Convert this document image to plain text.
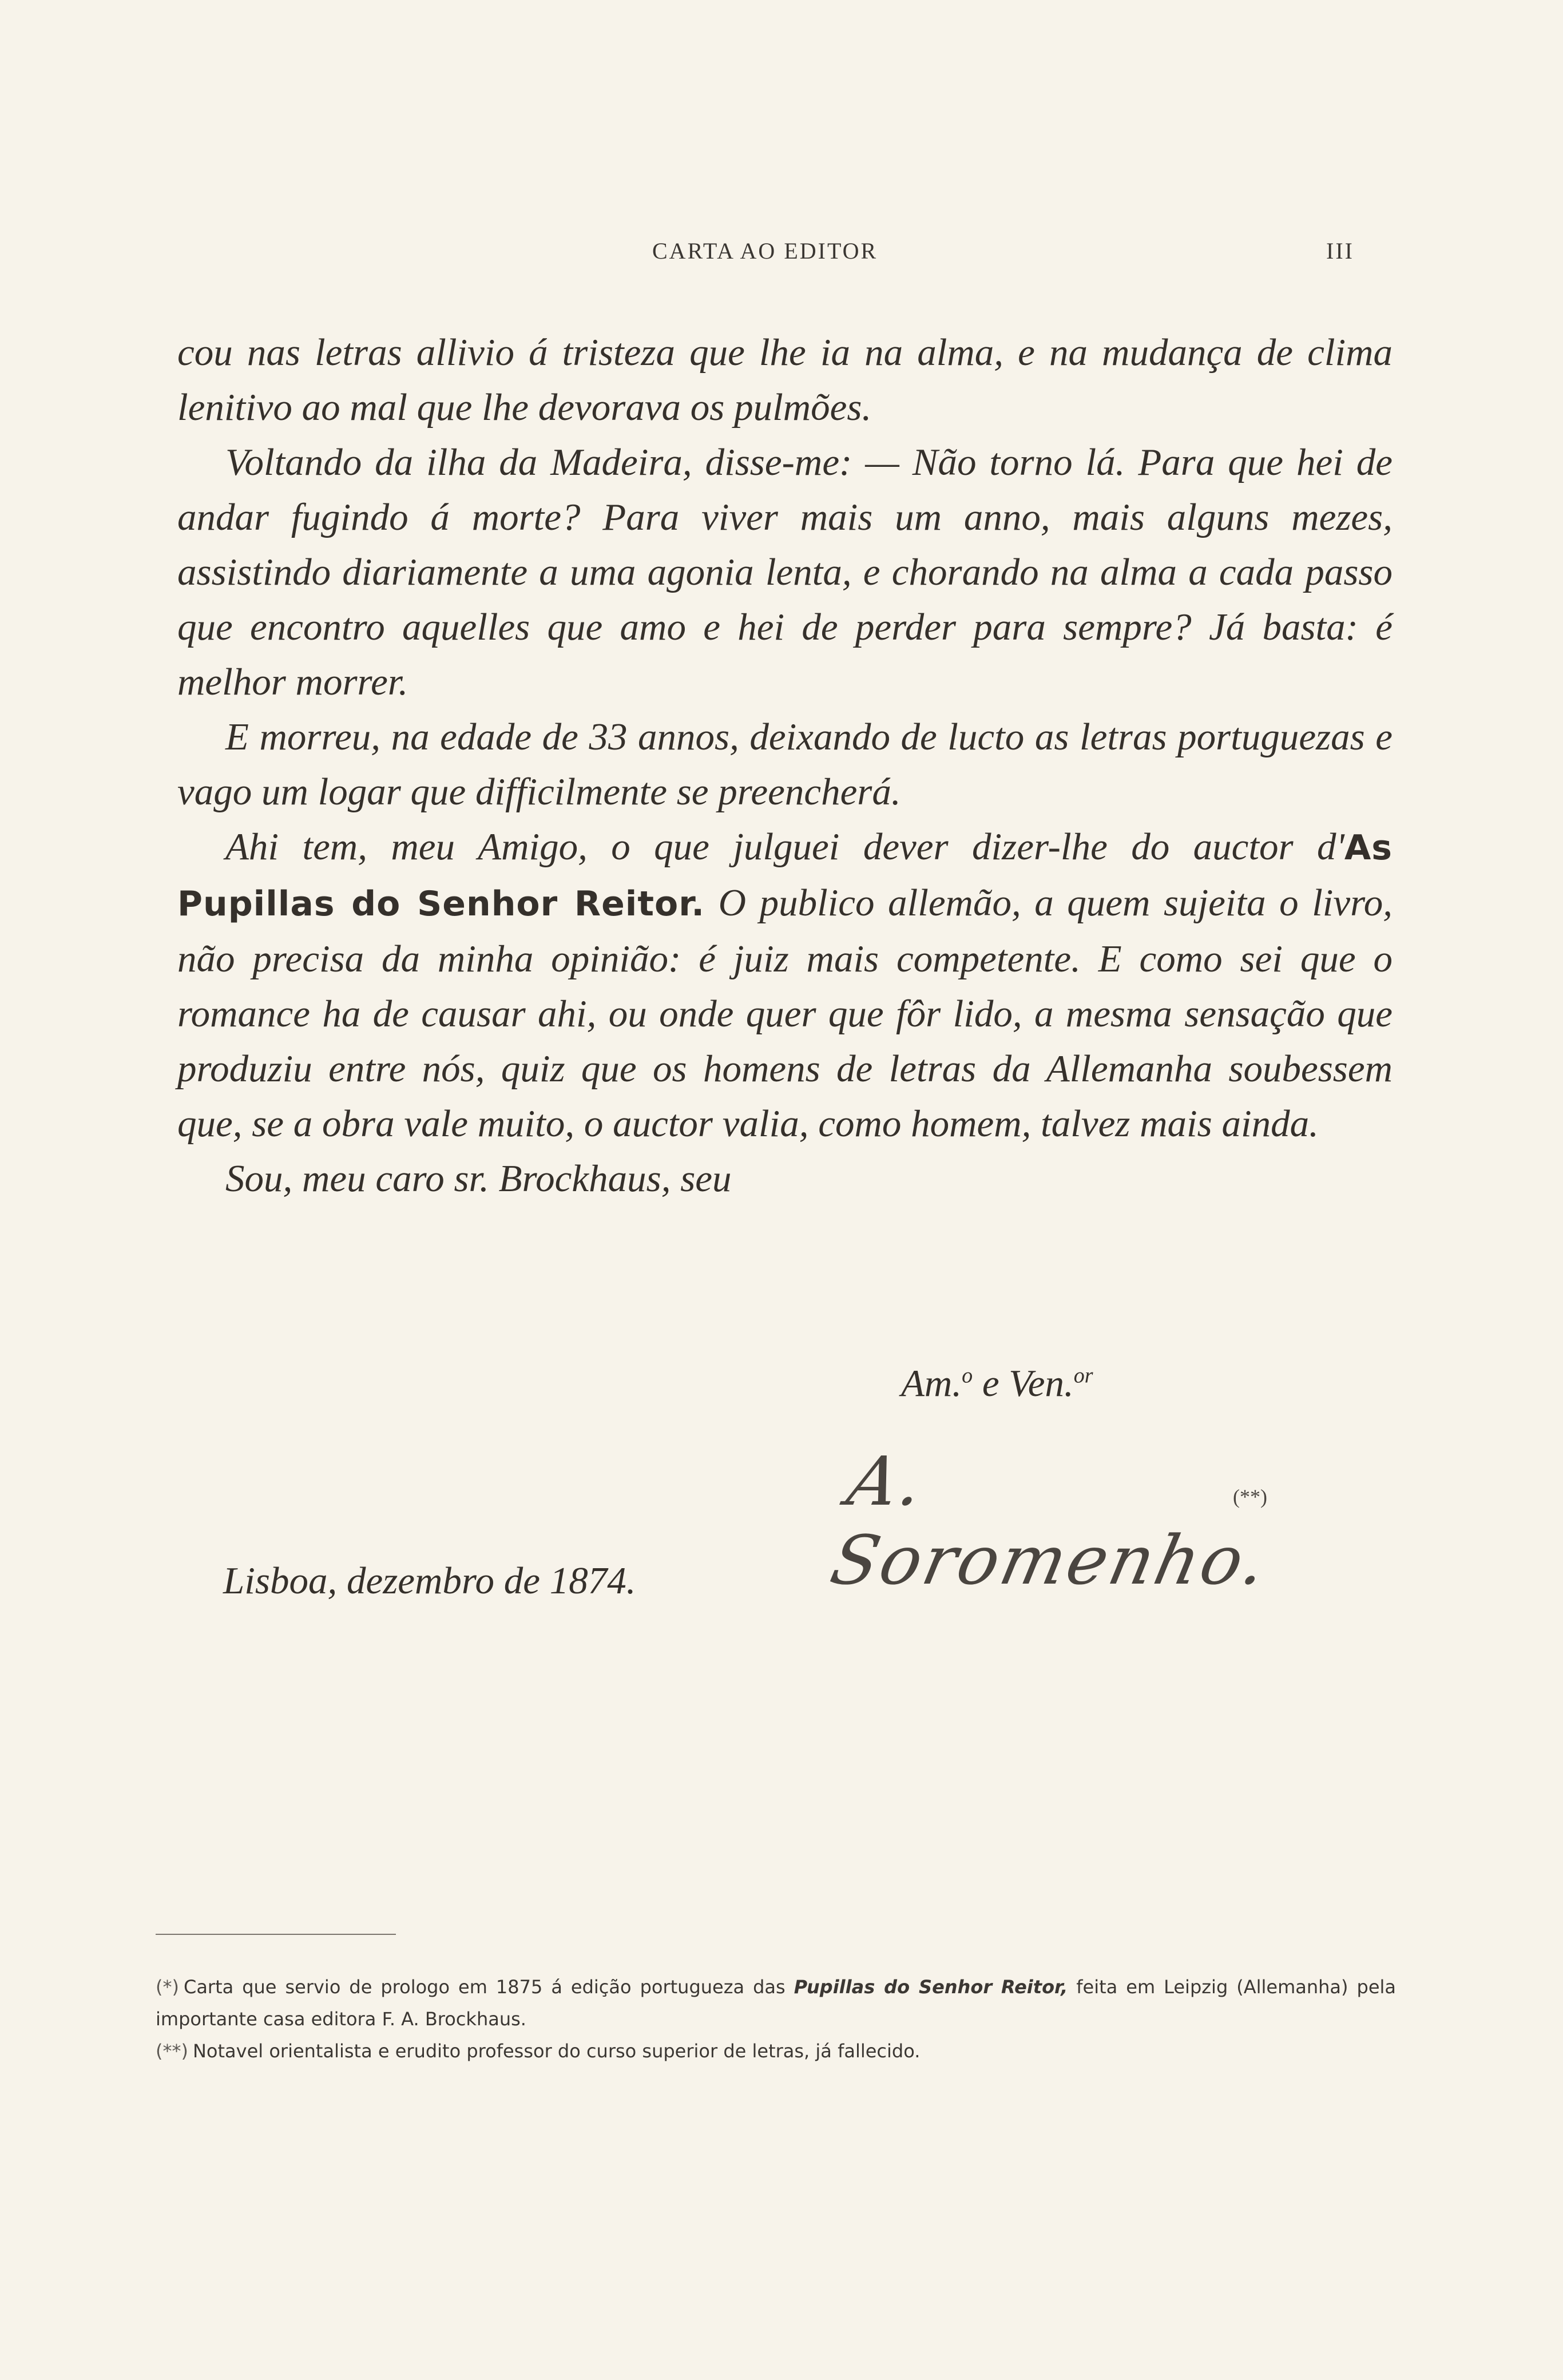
CARTA AO EDITOR	III

cou nas letras allivio á tristeza que lhe ia na alma, e na mudança de clima lenitivo ao mal que lhe devorava os pulmões.

Voltando da ilha da Madeira, disse-me: — Não torno lá. Para que hei de andar fugindo á morte? Para viver mais um anno, mais alguns mezes, assistindo diariamente a uma agonia lenta, e chorando na alma a cada passo que encontro aquelles que amo e hei de perder para sempre? Já basta: é melhor morrer.

E morreu, na edade de 33 annos, deixando de lucto as letras portuguezas e vago um logar que difficilmente se preencherá.

Ahi tem, meu Amigo, o que julguei dever dizer-lhe do auctor d'As Pupillas do Senhor Reitor. O publico allemão, a quem sujeita o livro, não precisa da minha opinião: é juiz mais competente. E como sei que o romance ha de causar ahi, ou onde quer que fôr lido, a mesma sensação que produziu entre nós, quiz que os homens de letras da Allemanha soubessem que, se a obra vale muito, o auctor valia, como homem, talvez mais ainda.

Sou, meu caro sr. Brockhaus, seu

Am.$^o$ e Ven.$^{or}$
A. Soromenho.
(**)
Lisboa, dezembro de 1874.

(*) Carta que servio de prologo em 1875 á edição portugueza das Pupillas do Senhor Reitor, feita em Leipzig (Allemanha) pela importante casa editora F. A. Brockhaus.

(**) Notavel orientalista e erudito professor do curso superior de letras, já fallecido.
